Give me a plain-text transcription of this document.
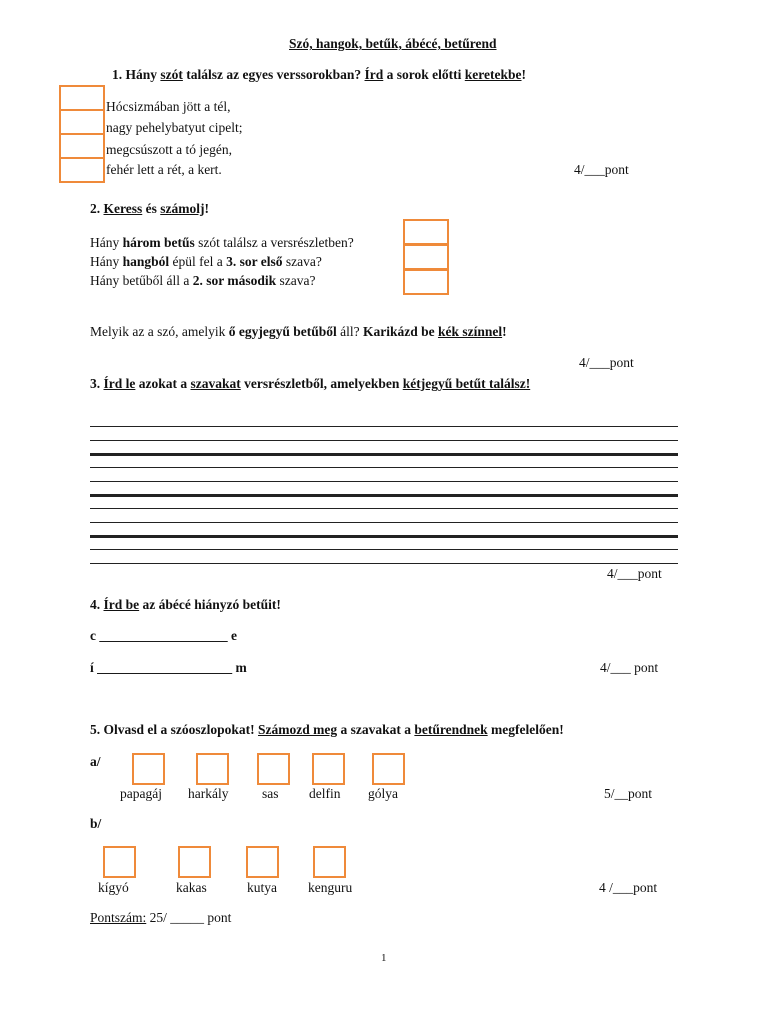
Szó, hangok, betűk, ábécé, betűrend
1. Hány szót találsz az egyes verssorokban? Írd a sorok előtti keretekbe!
Hócsizmában jött a tél,
nagy pehelybatyut cipelt;
megcsúszott a tó jegén,
fehér lett a rét, a kert.	4/___pont
2. Keress és számolj!
Hány három betűs szót találsz a versrészletben?
Hány hangból épül fel a 3. sor első szava?
Hány betűből áll a 2. sor második szava?
Melyik az a szó, amelyik ő egyjegyű betűből áll? Karikázd be kék színnel!
4/___pont
3. Írd le azokat a szavakat versrészletből, amelyekben kétjegyű betűt találsz!
4/___pont
4. Írd be az ábécé hiányzó betűit!
c ___________________ e
í ____________________ m	4/___ pont
5. Olvasd el a szóoszlopokat! Számozd meg a szavakat a betűrendnek megfelelően!
a/
papagáj harkály sas delfin gólya	5/__pont
b/
kígyó	kakas	kutya kenguru	4 /___pont
Pontszám: 25/ _____ pont
1
